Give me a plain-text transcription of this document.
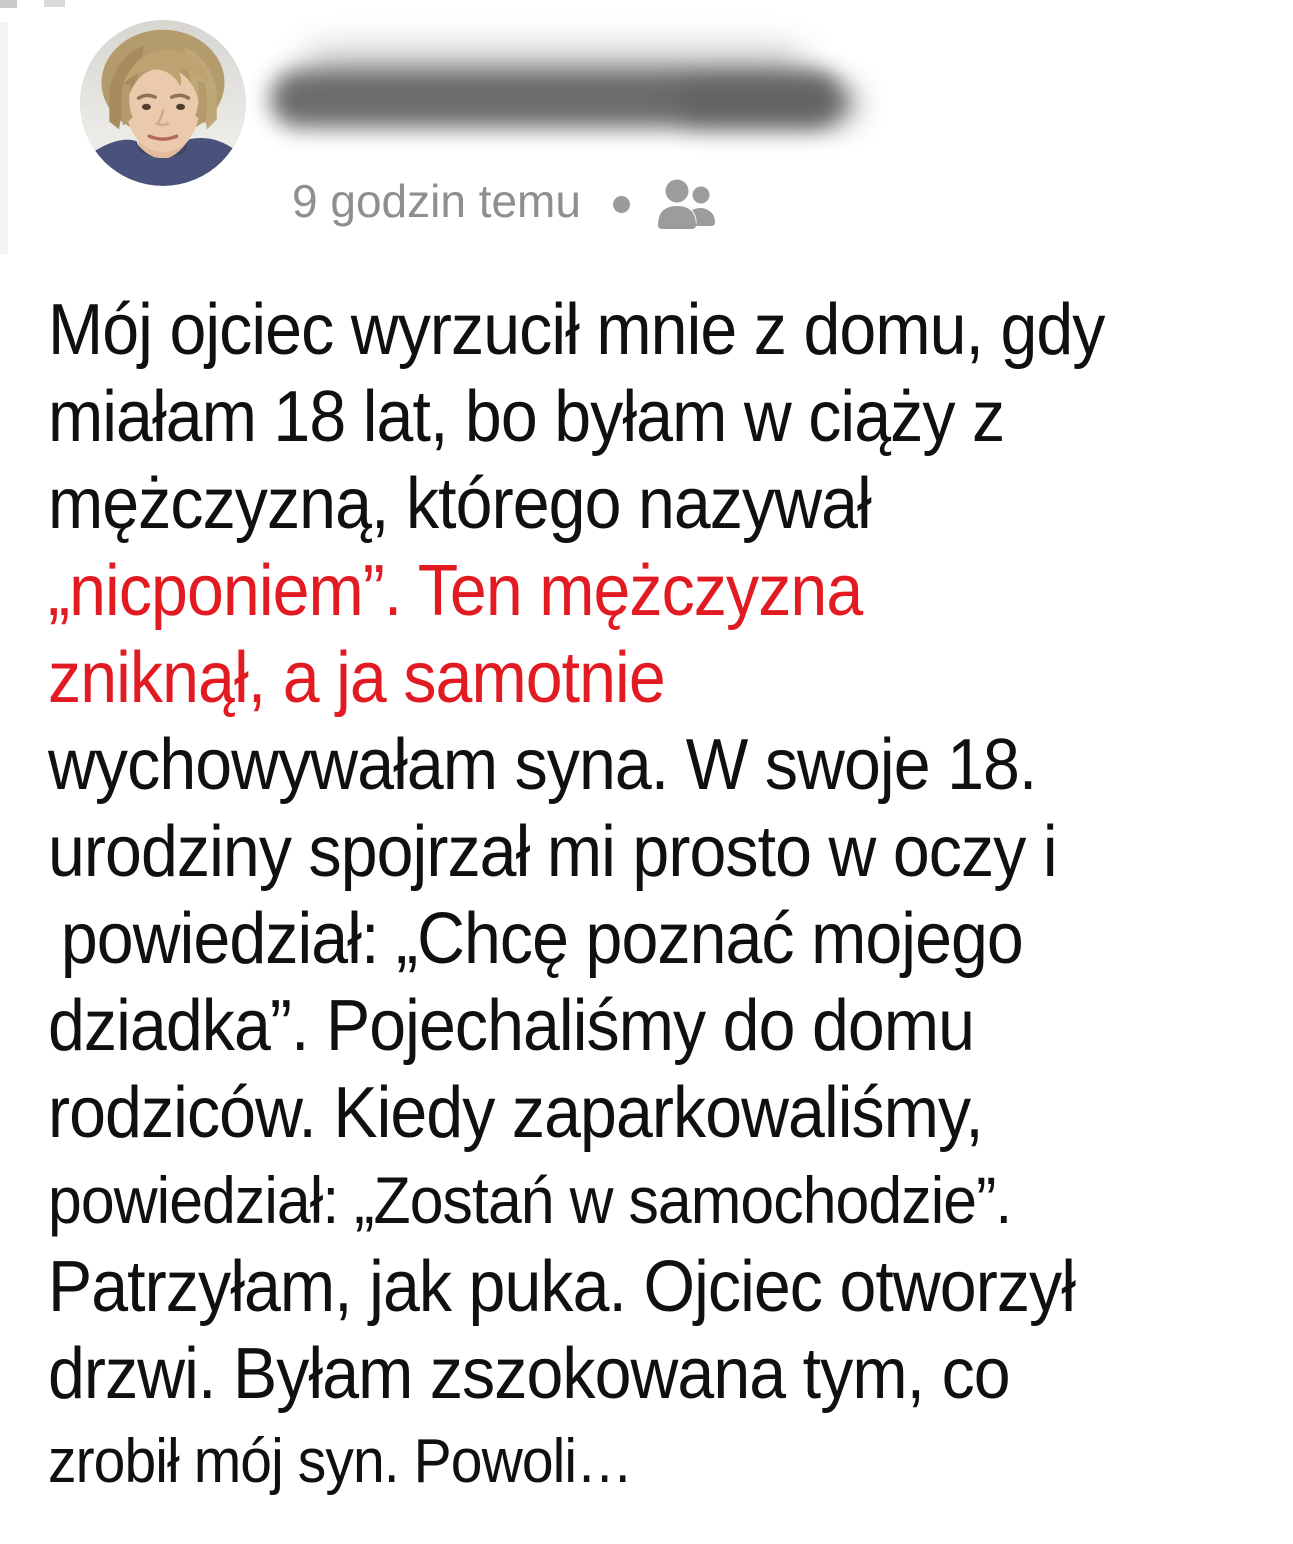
9 godzin temu
Mój ojciec wyrzucił mnie z domu, gdy
miałam 18 lat, bo byłam w ciąży z
mężczyzną, którego nazywał
„nicponiem”. Ten mężczyzna
zniknął, a ja samotnie
wychowywałam syna. W swoje 18.
urodziny spojrzał mi prosto w oczy i
powiedział: „Chcę poznać mojego
dziadka”. Pojechaliśmy do domu
rodziców. Kiedy zaparkowaliśmy,
powiedział: „Zostań w samochodzie”.
Patrzyłam, jak puka. Ojciec otworzył
drzwi. Byłam zszokowana tym, co
zrobił mój syn. Powoli…
